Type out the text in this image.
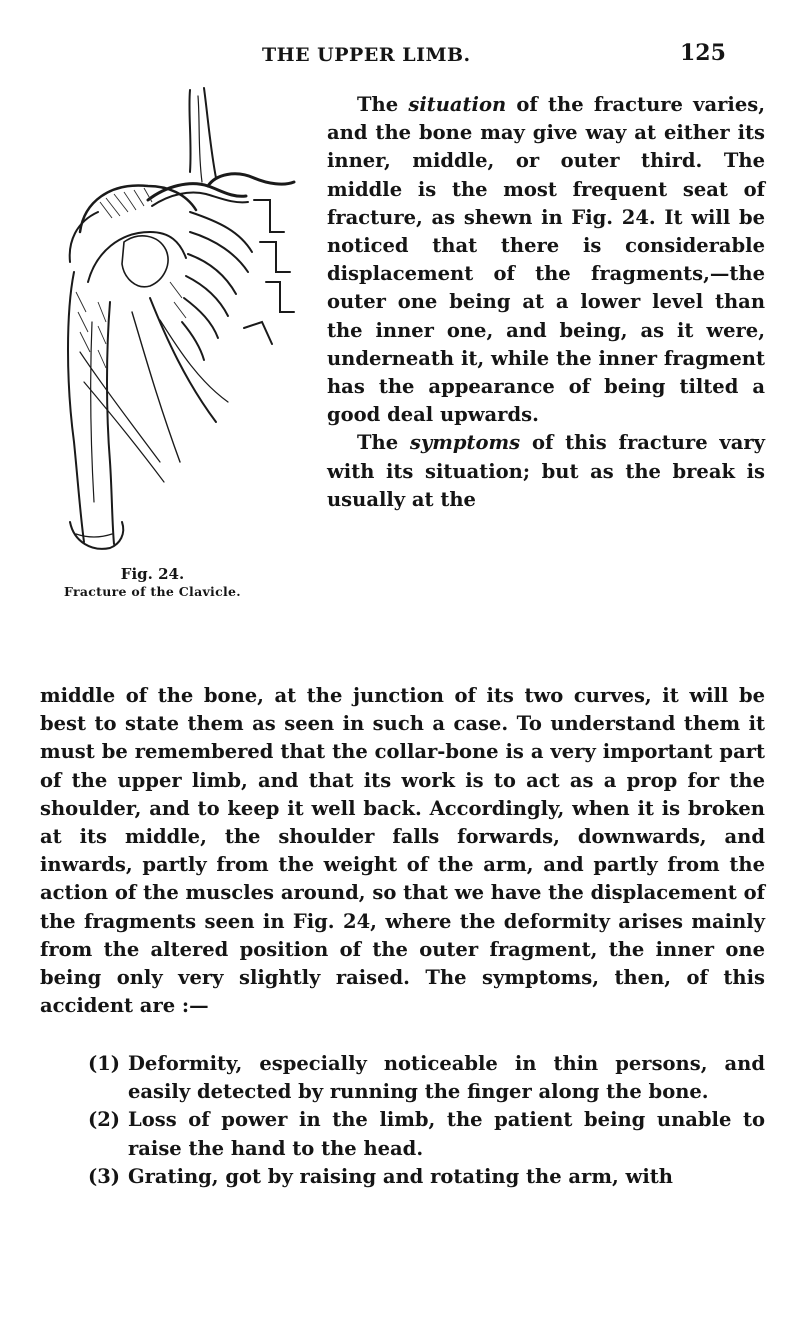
THE UPPER LIMB.	125
Fig. 24.
Fracture of the Clavicle.

The situation of the fracture varies, and the bone may give way at either its inner, middle, or outer third. The middle is the most frequent seat of fracture, as shewn in Fig. 24. It will be noticed that there is considerable displacement of the fragments,—the outer one being at a lower level than the inner one, and being, as it were, underneath it, while the inner fragment has the appearance of being tilted a good deal upwards.

The symptoms of this fracture vary with its situation; but as the break is usually at the

middle of the bone, at the junction of its two curves, it will be best to state them as seen in such a case. To understand them it must be remembered that the collar-bone is a very important part of the upper limb, and that its work is to act as a prop for the shoulder, and to keep it well back. Accordingly, when it is broken at its middle, the shoulder falls forwards, downwards, and inwards, partly from the weight of the arm, and partly from the action of the muscles around, so that we have the displacement of the fragments seen in Fig. 24, where the deformity arises mainly from the altered position of the outer fragment, the inner one being only very slightly raised. The symptoms, then, of this accident are :—

(1) Deformity, especially noticeable in thin persons, and easily detected by running the finger along the bone.

(2) Loss of power in the limb, the patient being unable to raise the hand to the head.

(3) Grating, got by raising and rotating the arm, with
